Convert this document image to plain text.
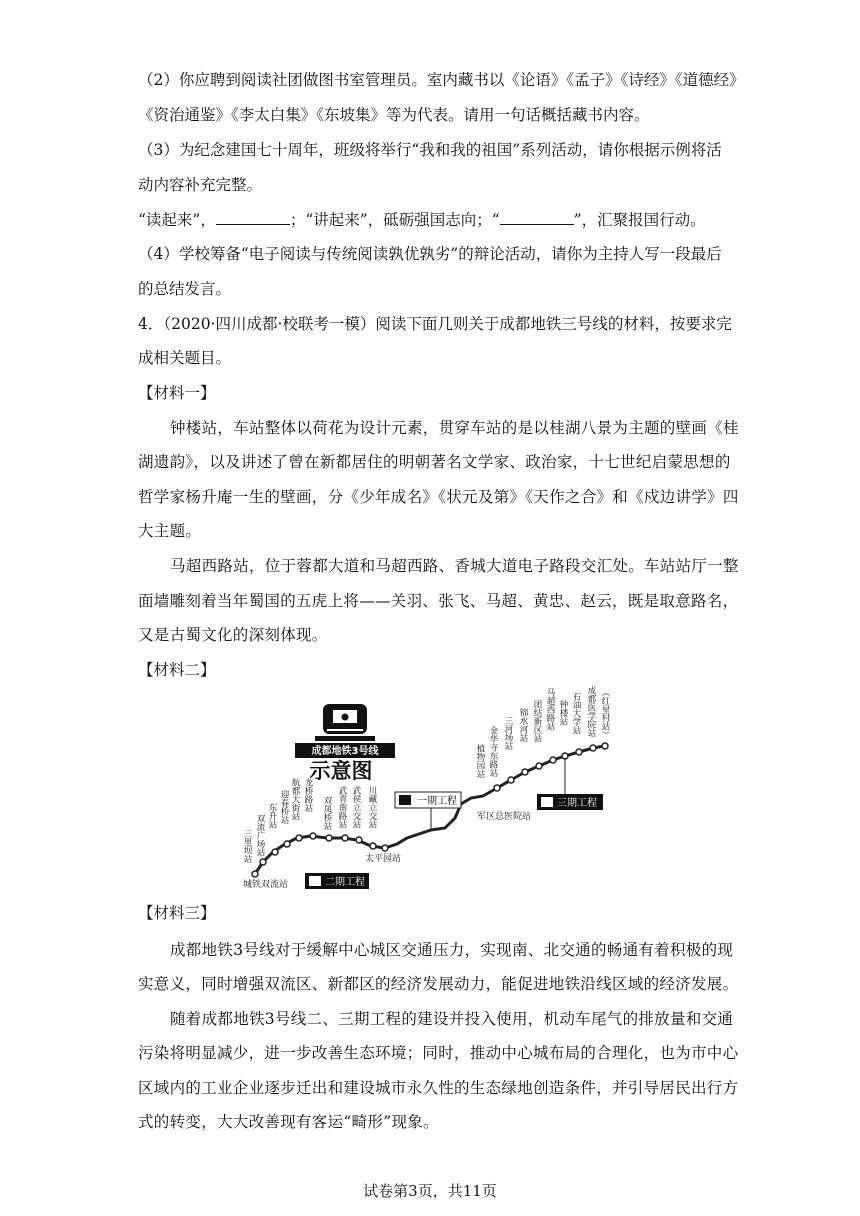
（2）你应聘到阅读社团做图书室管理员。室内藏书以《论语》《孟子》《诗经》《道德经》
《资治通鉴》《李太白集》《东坡集》等为代表。请用一句话概括藏书内容。
（3）为纪念建国七十周年，班级将举行“我和我的祖国”系列活动，请你根据示例将活
动内容补充完整。
“读起来”，	；“讲起来”，砥砺强国志向；“	”，汇聚报国行动。
（4）学校筹备“电子阅读与传统阅读孰优孰劣”的辩论活动，请你为主持人写一段最后
的总结发言。
4．（2020·四川成都·校联考一模）阅读下面几则关于成都地铁三号线的材料，按要求完
成相关题目。
【材料一】
钟楼站，车站整体以荷花为设计元素，贯穿车站的是以桂湖八景为主题的壁画《桂
湖遗韵》，以及讲述了曾在新都居住的明朝著名文学家、政治家，十七世纪启蒙思想的
哲学家杨升庵一生的壁画，分《少年成名》《状元及第》《天作之合》和《戍边讲学》四
大主题。
马超西路站，位于蓉都大道和马超西路、香城大道电子路段交汇处。车站站厅一整
面墙雕刻着当年蜀国的五虎上将——关羽、张飞、马超、黄忠、赵云，既是取意路名，
又是古蜀文化的深刻体现。
【材料二】
成都地铁3号线
示意图
一期工程
二期工程
三期工程
三里坝站 双流广场站 东升站 迎春桥站 航都大街站 龙桥路站
双凤桥站 武青南路站 武侯立交站 川藏立交站
金华寺东路站
植物园站
三河场站 锦水河站 团结新区站 马超西路站 钟楼站 石油大学站 成都医学院站 （红星村站）
太平园站
军区总医院站
城铁双流站
【材料三】
成都地铁3号线对于缓解中心城区交通压力，实现南、北交通的畅通有着积极的现
实意义，同时增强双流区、新都区的经济发展动力，能促进地铁沿线区域的经济发展。
随着成都地铁3号线二、三期工程的建设并投入使用，机动车尾气的排放量和交通
污染将明显减少，进一步改善生态环境；同时，推动中心城布局的合理化，也为市中心
区域内的工业企业逐步迁出和建设城市永久性的生态绿地创造条件，并引导居民出行方
式的转变，大大改善现有客运“畸形”现象。
试卷第3页，共11页
